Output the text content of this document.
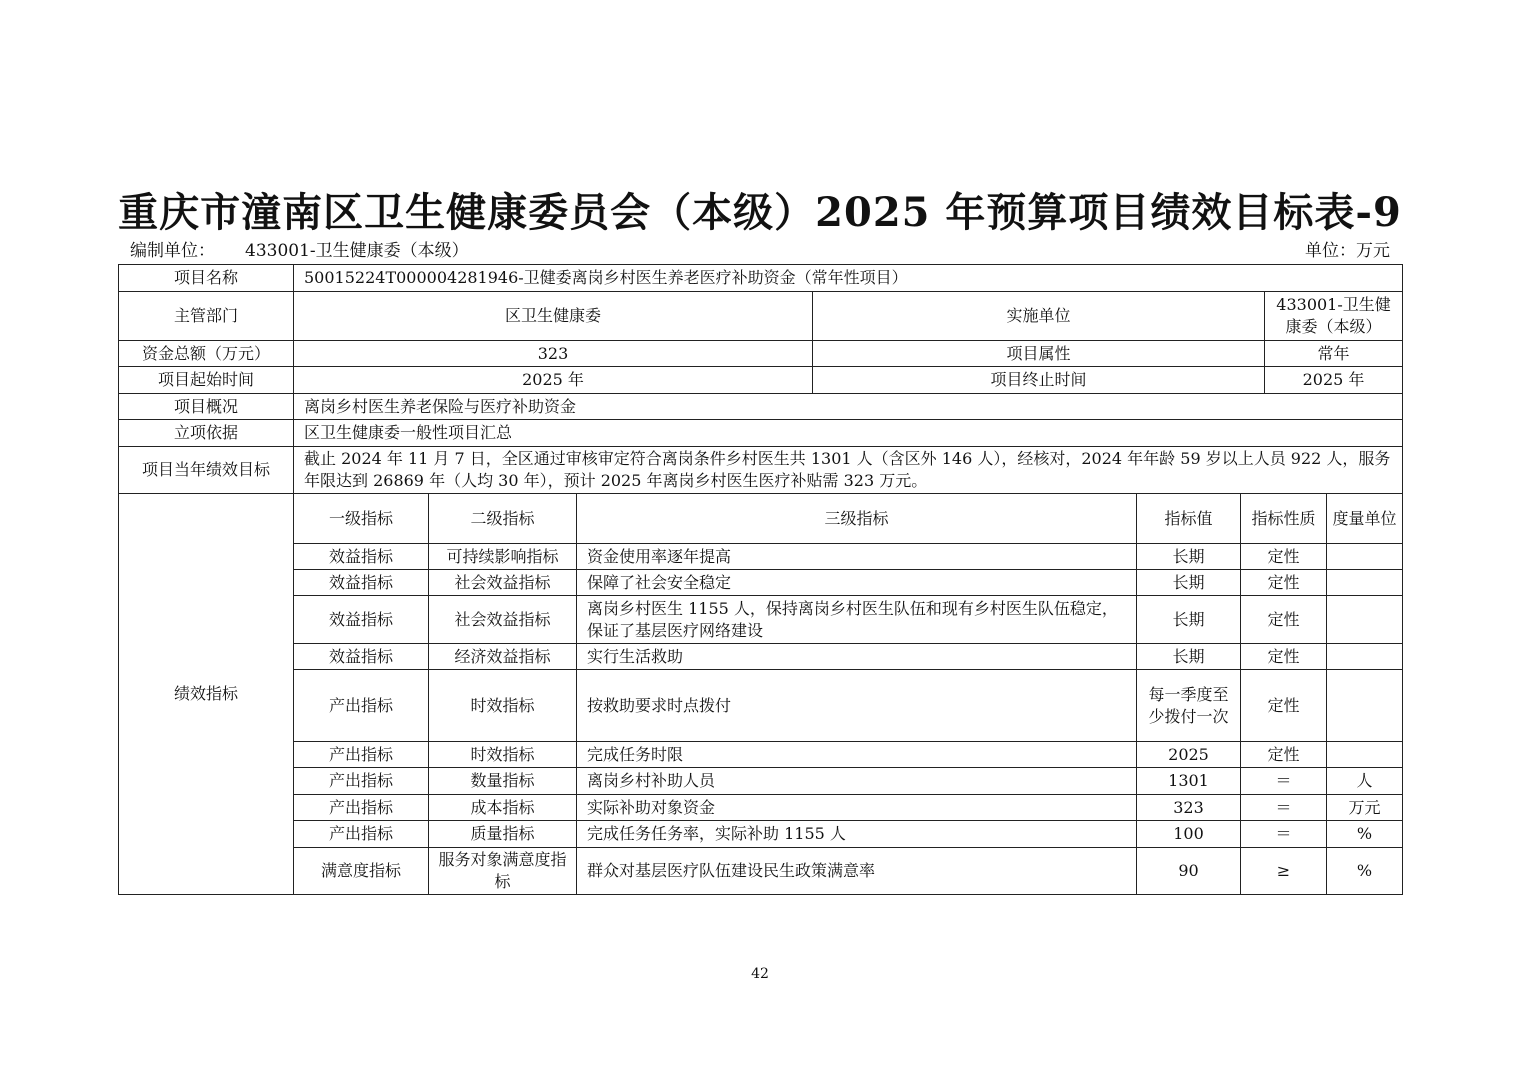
重庆市潼南区卫生健康委员会（本级）2025 年预算项目绩效目标表-9
编制单位： 433001-卫生健康委（本级）	单位：万元
项目名称	50015224T000004281946-卫健委离岗乡村医生养老医疗补助资金（常年性项目）							
主管部门	区卫生健康委			实施单位			433001-卫生健康委（本级）	
资金总额（万元）	323			项目属性			常年	
项目起始时间	2025 年			项目终止时间			2025 年	
项目概况	离岗乡村医生养老保险与医疗补助资金							
立项依据	区卫生健康委一般性项目汇总							
项目当年绩效目标	截止 2024 年 11 月 7 日，全区通过审核审定符合离岗条件乡村医生共 1301 人（含区外 146 人），经核对，2024 年年龄 59 岁以上人员 922 人，服务年限达到 26869 年（人均 30 年），预计 2025 年离岗乡村医生医疗补贴需 323 万元。							
绩效指标	一级指标	二级指标	三级指标		指标值	指标性质		度量单位
	效益指标	可持续影响指标	资金使用率逐年提高		长期	定性		
	效益指标	社会效益指标	保障了社会安全稳定		长期	定性		
	效益指标	社会效益指标	离岗乡村医生 1155 人，保持离岗乡村医生队伍和现有乡村医生队伍稳定，保证了基层医疗网络建设		长期	定性		
	效益指标	经济效益指标	实行生活救助		长期	定性		
	产出指标	时效指标	按救助要求时点拨付		每一季度至少拨付一次	定性		
	产出指标	时效指标	完成任务时限		2025	定性		
	产出指标	数量指标	离岗乡村补助人员		1301	＝		人
	产出指标	成本指标	实际补助对象资金		323	＝		万元
	产出指标	质量指标	完成任务任务率，实际补助 1155 人		100	＝		%
	满意度指标	服务对象满意度指标	群众对基层医疗队伍建设民生政策满意率		90	≥		%
42
